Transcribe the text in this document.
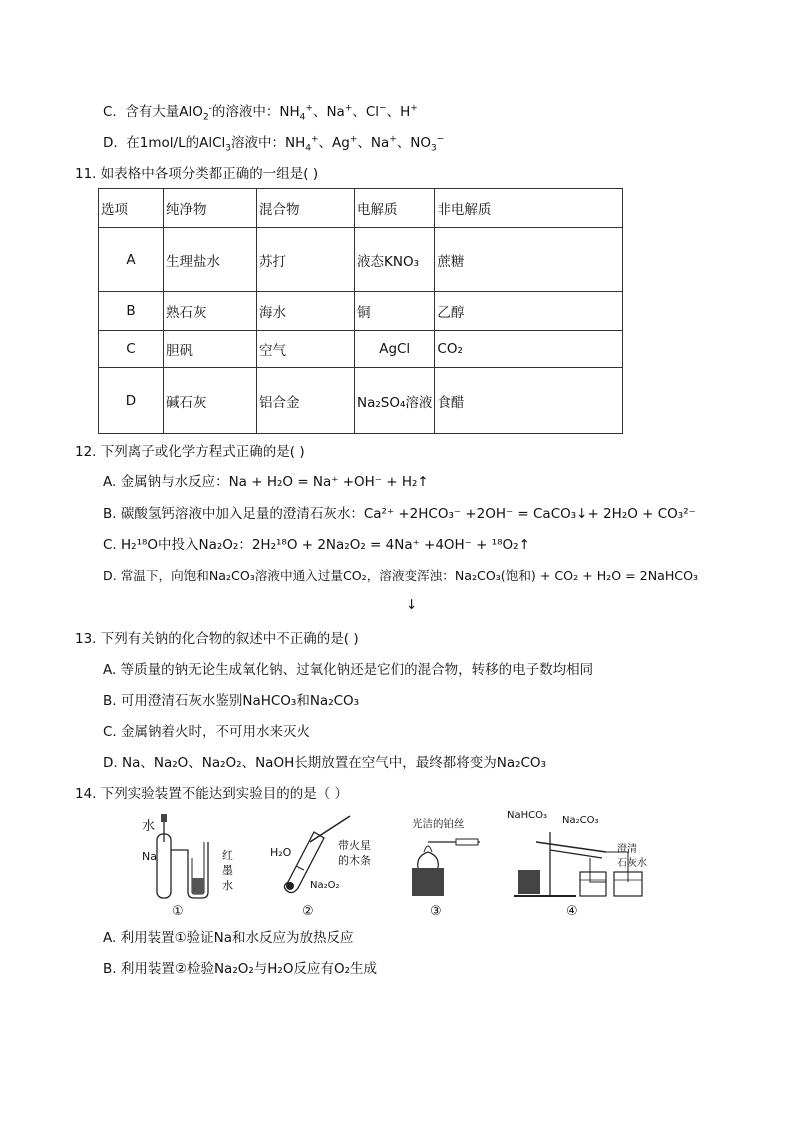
C. 含有大量AlO$_2$-的溶液中：$NH_4^+$、Na+、Cl−、H+
D. 在1mol/L的AlCl$_3$溶液中：$NH_4^+$、Ag+、Na+、$NO_3^-$
11. 如表格中各项分类都正确的一组是( )
选项	纯净物	混合物	电解质	非电解质
A	生理盐水	苏打	液态KNO₃	蔗糖
B	熟石灰	海水	铜	乙醇
C	胆矾	空气	AgCl	CO₂
D	碱石灰	铝合金	Na₂SO₄溶液	食醋
12. 下列离子或化学方程式正确的是( )
A. 金属钠与水反应：Na + H₂O = Na⁺ +OH⁻ + H₂↑
B. 碳酸氢钙溶液中加入足量的澄清石灰水：Ca²⁺ +2HCO₃⁻ +2OH⁻ = CaCO₃↓+ 2H₂O + CO₃²⁻
C. H₂¹⁸O中投入Na₂O₂：2H₂¹⁸O + 2Na₂O₂ = 4Na⁺ +4OH⁻ + ¹⁸O₂↑
D. 常温下，向饱和Na₂CO₃溶液中通入过量CO₂，溶液变浑浊：Na₂CO₃(饱和) + CO₂ + H₂O = 2NaHCO₃
↓
13. 下列有关钠的化合物的叙述中不正确的是( )
A. 等质量的钠无论生成氧化钠、过氧化钠还是它们的混合物，转移的电子数均相同
B. 可用澄清石灰水鉴别NaHCO₃和Na₂CO₃
C. 金属钠着火时，不可用水来灭火
D. Na、Na₂O、Na₂O₂、NaOH长期放置在空气中，最终都将变为Na₂CO₃
14. 下列实验装置不能达到实验目的的是（ ）
水
Na	红
墨
水
①
H₂O
带火星
的木条
Na₂O₂
②
光洁的铂丝
③
NaHCO₃ Na₂CO₃
澄清
石灰水
④
A. 利用装置①验证Na和水反应为放热反应
B. 利用装置②检验Na₂O₂与H₂O反应有O₂生成
